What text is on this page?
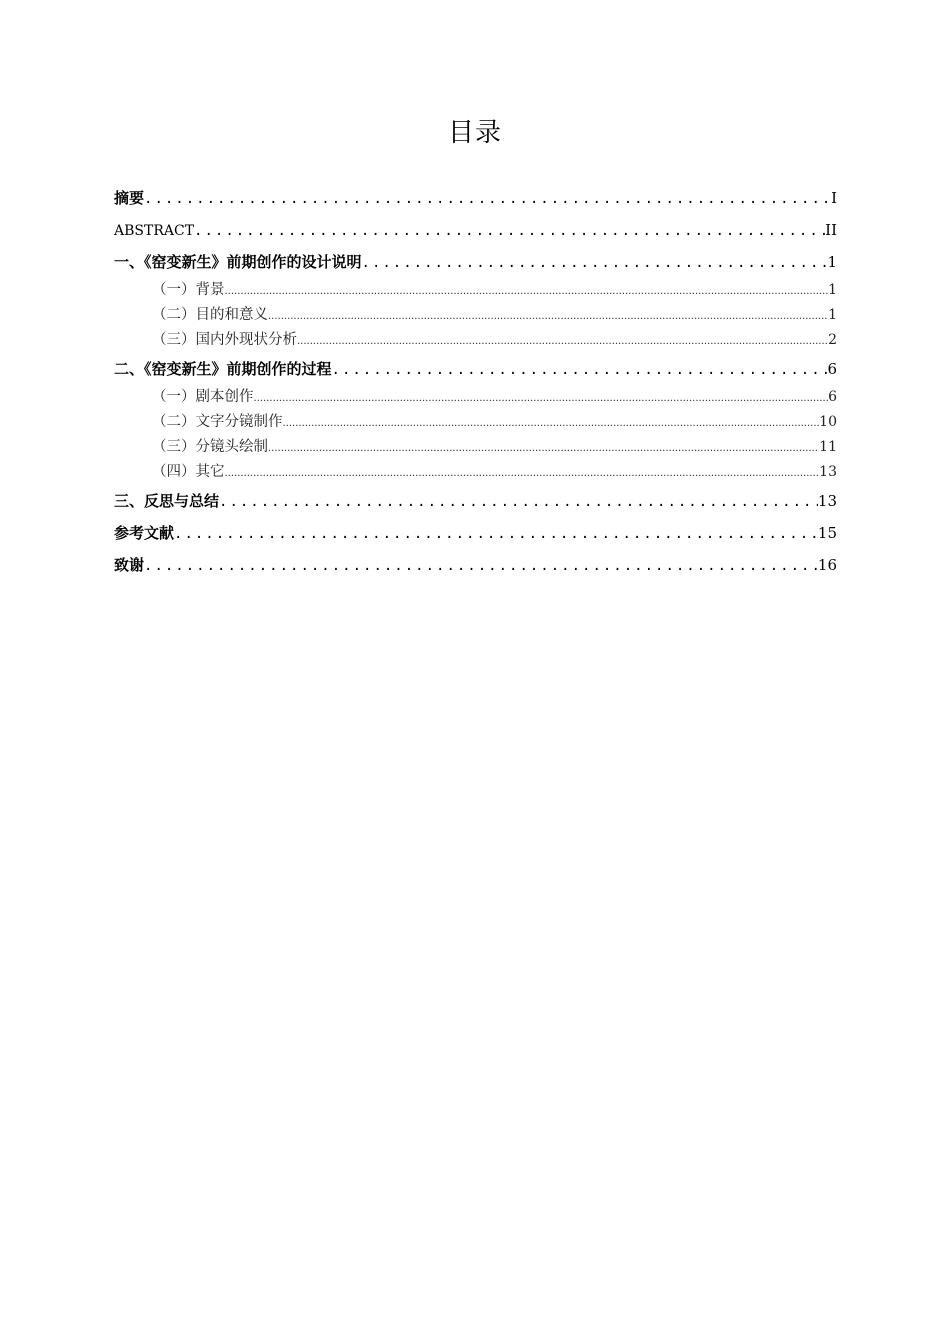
目录
摘要 .....	I
ABSTRACT .....	II
一、《窑变新生》前期创作的设计说明 .....	1
（一）背景 .....	1
（二）目的和意义 .....	1
（三）国内外现状分析 .....	2
二、《窑变新生》前期创作的过程 .....	6
（一）剧本创作 .....	6
（二）文字分镜制作 .....	10
（三）分镜头绘制 .....	11
（四）其它 .....	13
三、反思与总结 .....	13
参考文献 .....	15
致谢 .....	16
